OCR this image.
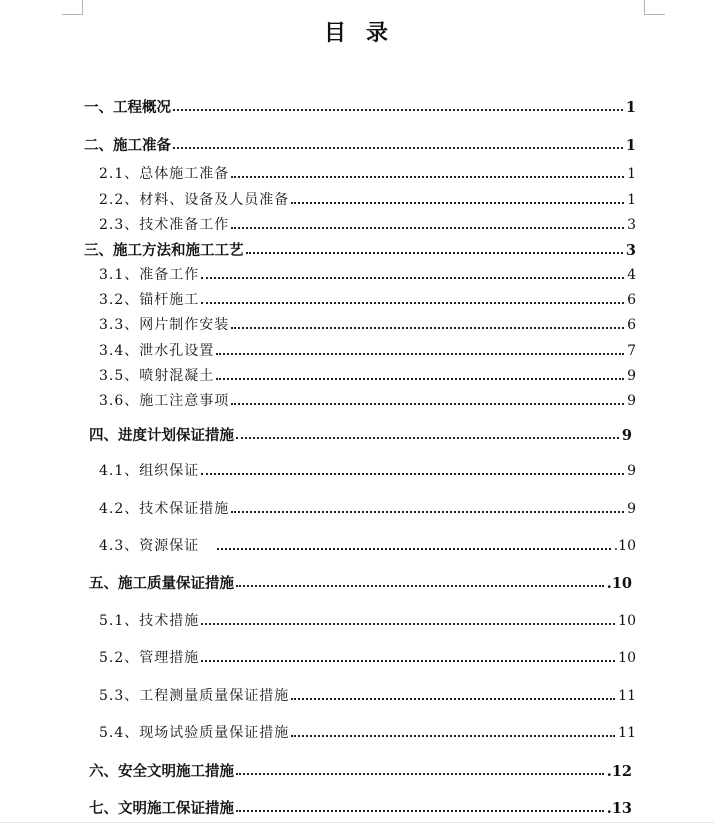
目 录
一、工程概况	1
二、施工准备	1
2.1、总体施工准备	1
2.2、材料、设备及人员准备	1
2.3、技术准备工作	3
三、施工方法和施工工艺	3
3.1、准备工作	4
3.2、锚杆施工	6
3.3、网片制作安装	6
3.4、泄水孔设置	7
3.5、喷射混凝土	9
3.6、施工注意事项	9
四、进度计划保证措施	9
4.1、组织保证	9
4.2、技术保证措施	9
4.3、资源保证	.10
五、施工质量保证措施	.10
5.1、技术措施	10
5.2、管理措施	10
5.3、工程测量质量保证措施	11
5.4、现场试验质量保证措施	11
六、安全文明施工措施	.12
七、文明施工保证措施	.13
